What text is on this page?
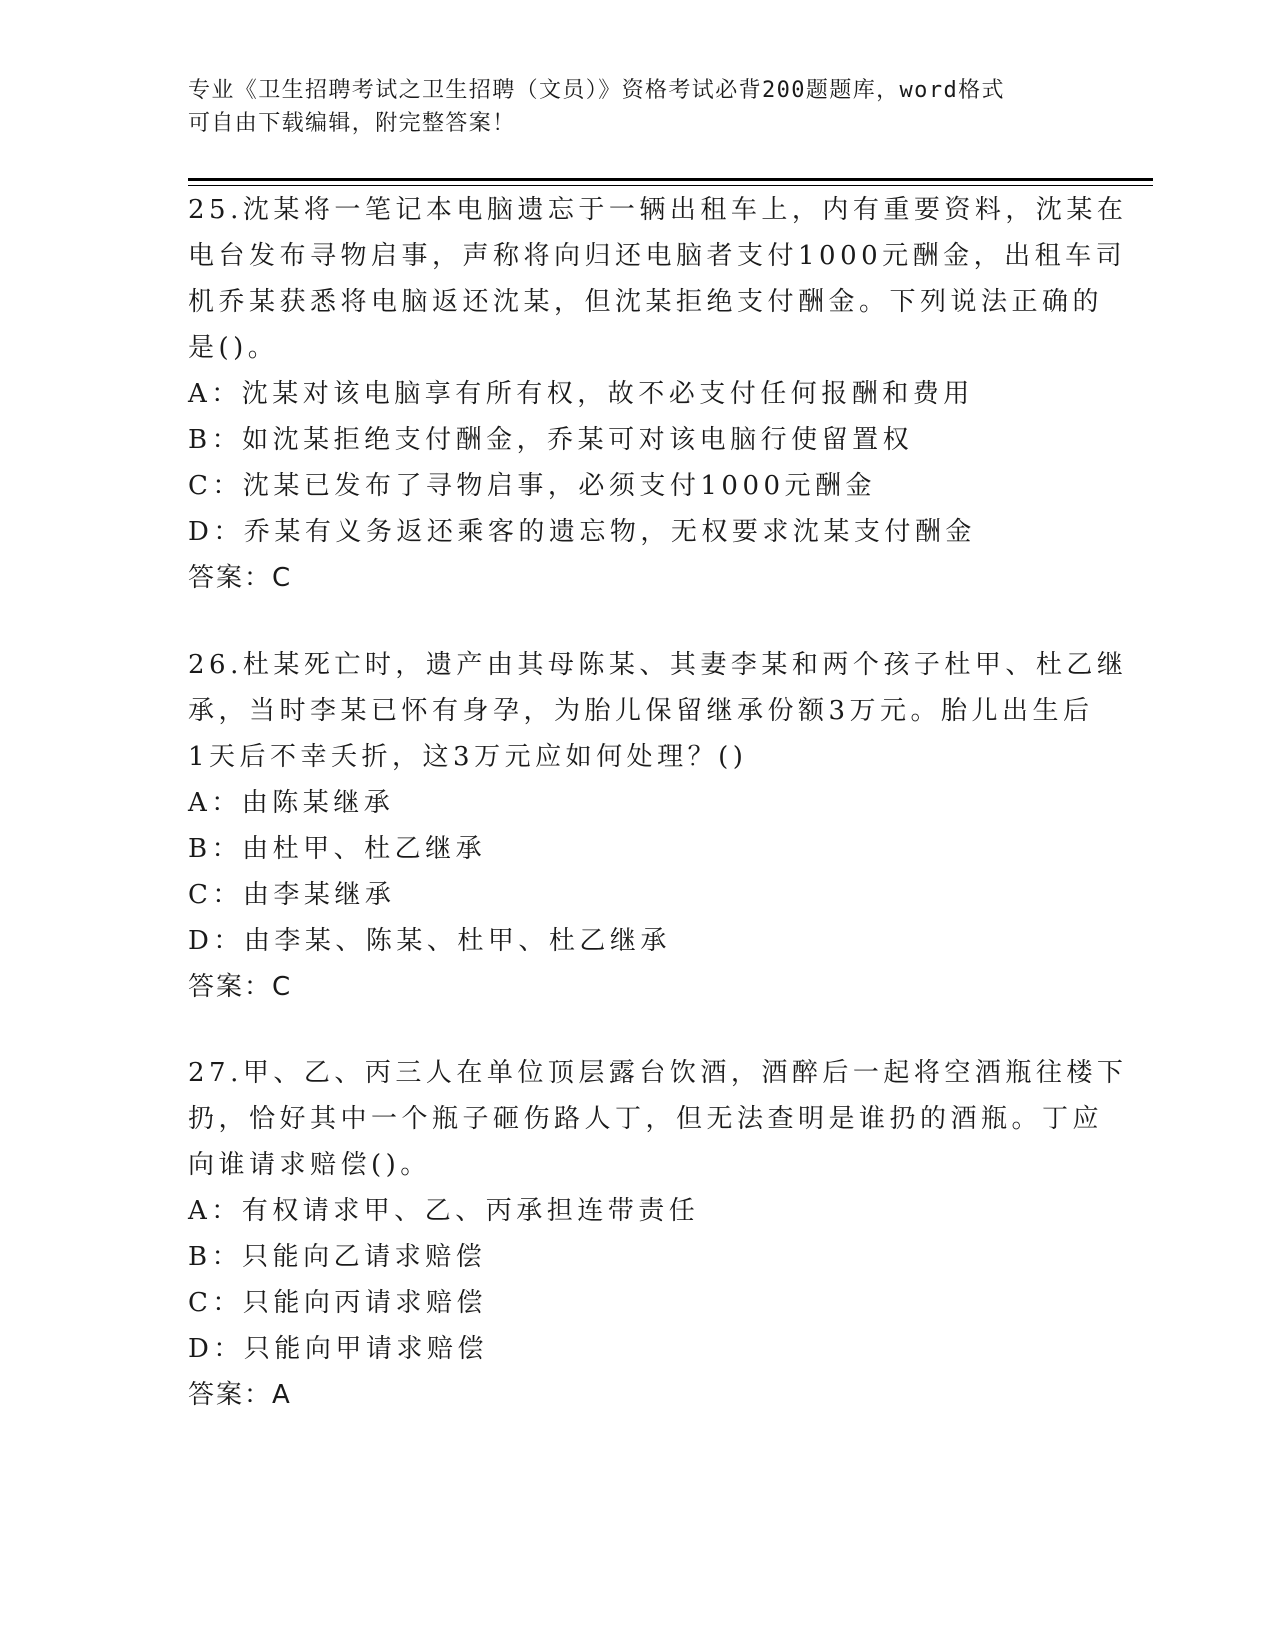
专业《卫生招聘考试之卫生招聘（文员）》资格考试必背200题题库，word格式
可自由下载编辑，附完整答案！
25.沈某将一笔记本电脑遗忘于一辆出租车上，内有重要资料，沈某在
电台发布寻物启事，声称将向归还电脑者支付1000元酬金，出租车司
机乔某获悉将电脑返还沈某，但沈某拒绝支付酬金。下列说法正确的
是()。
A：沈某对该电脑享有所有权，故不必支付任何报酬和费用
B：如沈某拒绝支付酬金，乔某可对该电脑行使留置权
C：沈某已发布了寻物启事，必须支付1000元酬金
D：乔某有义务返还乘客的遗忘物，无权要求沈某支付酬金
答案：C
26.杜某死亡时，遗产由其母陈某、其妻李某和两个孩子杜甲、杜乙继
承，当时李某已怀有身孕，为胎儿保留继承份额3万元。胎儿出生后
1天后不幸夭折，这3万元应如何处理？()
A：由陈某继承
B：由杜甲、杜乙继承
C：由李某继承
D：由李某、陈某、杜甲、杜乙继承
答案：C
27.甲、乙、丙三人在单位顶层露台饮酒，酒醉后一起将空酒瓶往楼下
扔，恰好其中一个瓶子砸伤路人丁，但无法查明是谁扔的酒瓶。丁应
向谁请求赔偿()。
A：有权请求甲、乙、丙承担连带责任
B：只能向乙请求赔偿
C：只能向丙请求赔偿
D：只能向甲请求赔偿
答案：A
